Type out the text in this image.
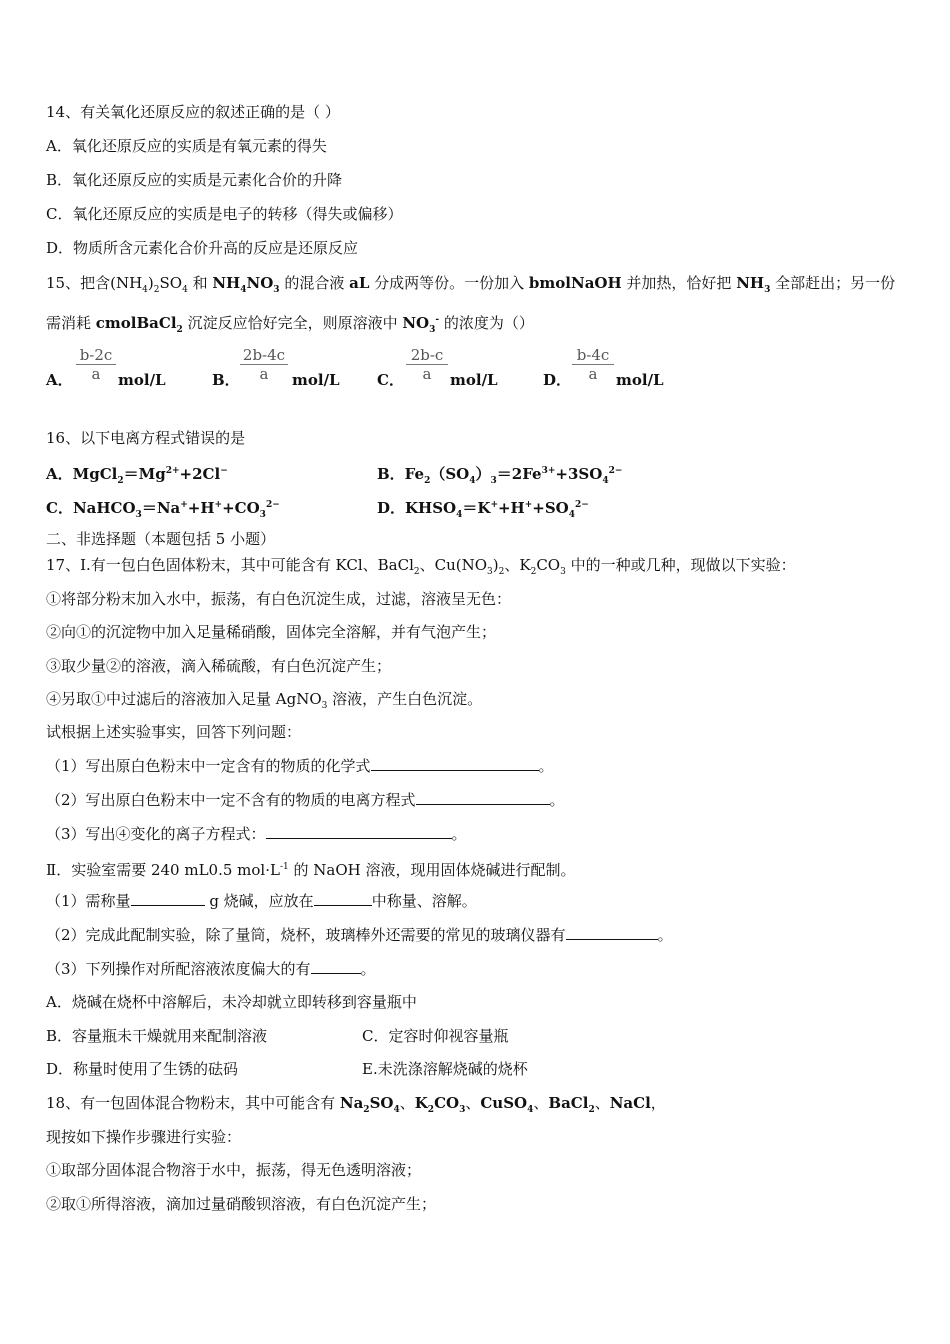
14、有关氧化还原反应的叙述正确的是（ ）
A．氧化还原反应的实质是有氧元素的得失
B．氧化还原反应的实质是元素化合价的升降
C．氧化还原反应的实质是电子的转移（得失或偏移）
D．物质所含元素化合价升高的反应是还原反应
15、把含$(NH_4)_2SO_4$ 和 $NH_4NO_3$ 的混合液 aL 分成两等份。一份加入 bmolNaOH 并加热，恰好把 $NH_3$ 全部赶出；另一份
需消耗 cmolBaCl$_2$ 沉淀反应恰好完全，则原溶液中 $NO_3^-$ 的浓度为（）
A． $\frac{b-2c}{a} mol/L$	B． $\frac{2b-4c}{a} mol/L$ C． $\frac{2b-c}{a} mol/L$	D． $\frac{b-4c}{a} mol/L$
16、以下电离方程式错误的是
A．$MgCl_2=Mg^{2+}+2Cl^-$	B．$Fe_2(SO_4)_3=2Fe^{3+}+3SO_4^{2-}$
C．$NaHCO_3=Na^++H^++CO_3^{2-}$	D．$KHSO_4=K^++H^++SO_4^{2-}$
二、非选择题（本题包括 5 小题）
17、Ⅰ.有一包白色固体粉末，其中可能含有 KCl、BaCl$_2$、$Cu(NO_3)_2$、$K_2CO_3$ 中的一种或几种，现做以下实验：
①将部分粉末加入水中，振荡，有白色沉淀生成，过滤，溶液呈无色：
②向①的沉淀物中加入足量稀硝酸，固体完全溶解，并有气泡产生；
③取少量②的溶液，滴入稀硫酸，有白色沉淀产生；
④另取①中过滤后的溶液加入足量 AgNO$_3$ 溶液，产生白色沉淀。
试根据上述实验事实，回答下列问题：
（1）写出原白色粉末中一定含有的物质的化学式	。
（2）写出原白色粉末中一定不含有的物质的电离方程式	。
（3）写出④变化的离子方程式：	。
Ⅱ．实验室需要 240 mL0.5 $mol\cdot L^{-1}$ 的 NaOH 溶液，现用固体烧碱进行配制。
（1）需称量	g 烧碱，应放在	中称量、溶解。
（2）完成此配制实验，除了量筒，烧杯，玻璃棒外还需要的常见的玻璃仪器有	。
（3）下列操作对所配溶液浓度偏大的有	。
A．烧碱在烧杯中溶解后，未冷却就立即转移到容量瓶中
B．容量瓶未干燥就用来配制溶液	C．定容时仰视容量瓶
D．称量时使用了生锈的砝码	E.未洗涤溶解烧碱的烧杯
18、有一包固体混合物粉末，其中可能含有 $Na_2SO_4$、$K_2CO_3$、CuSO$_4$、BaCl$_2$、NaCl，
现按如下操作步骤进行实验：
①取部分固体混合物溶于水中，振荡，得无色透明溶液；
②取①所得溶液，滴加过量硝酸钡溶液，有白色沉淀产生；
